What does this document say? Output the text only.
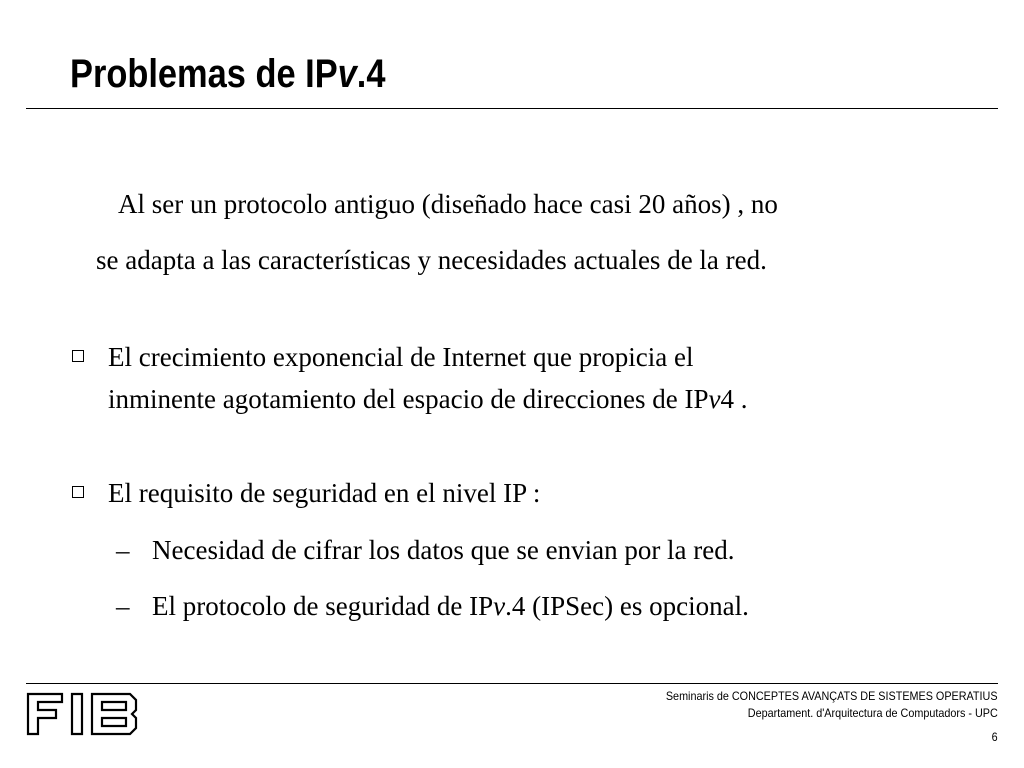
Problemas de IPv.4

Al ser un protocolo antiguo (diseñado hace casi 20 años) , no
se adapta a las características y necesidades actuales de la red.

El crecimiento exponencial de Internet que propicia el
inminente agotamiento del espacio de direcciones de IPv4 .
El requisito de seguridad en el nivel IP :
– Necesidad de cifrar los datos que se envian por la red.
– El protocolo de seguridad de IPv.4 (IPSec) es opcional.
Seminaris de CONCEPTES AVANÇATS DE SISTEMES OPERATIUS
Departament. d'Arquitectura de Computadors - UPC
6
